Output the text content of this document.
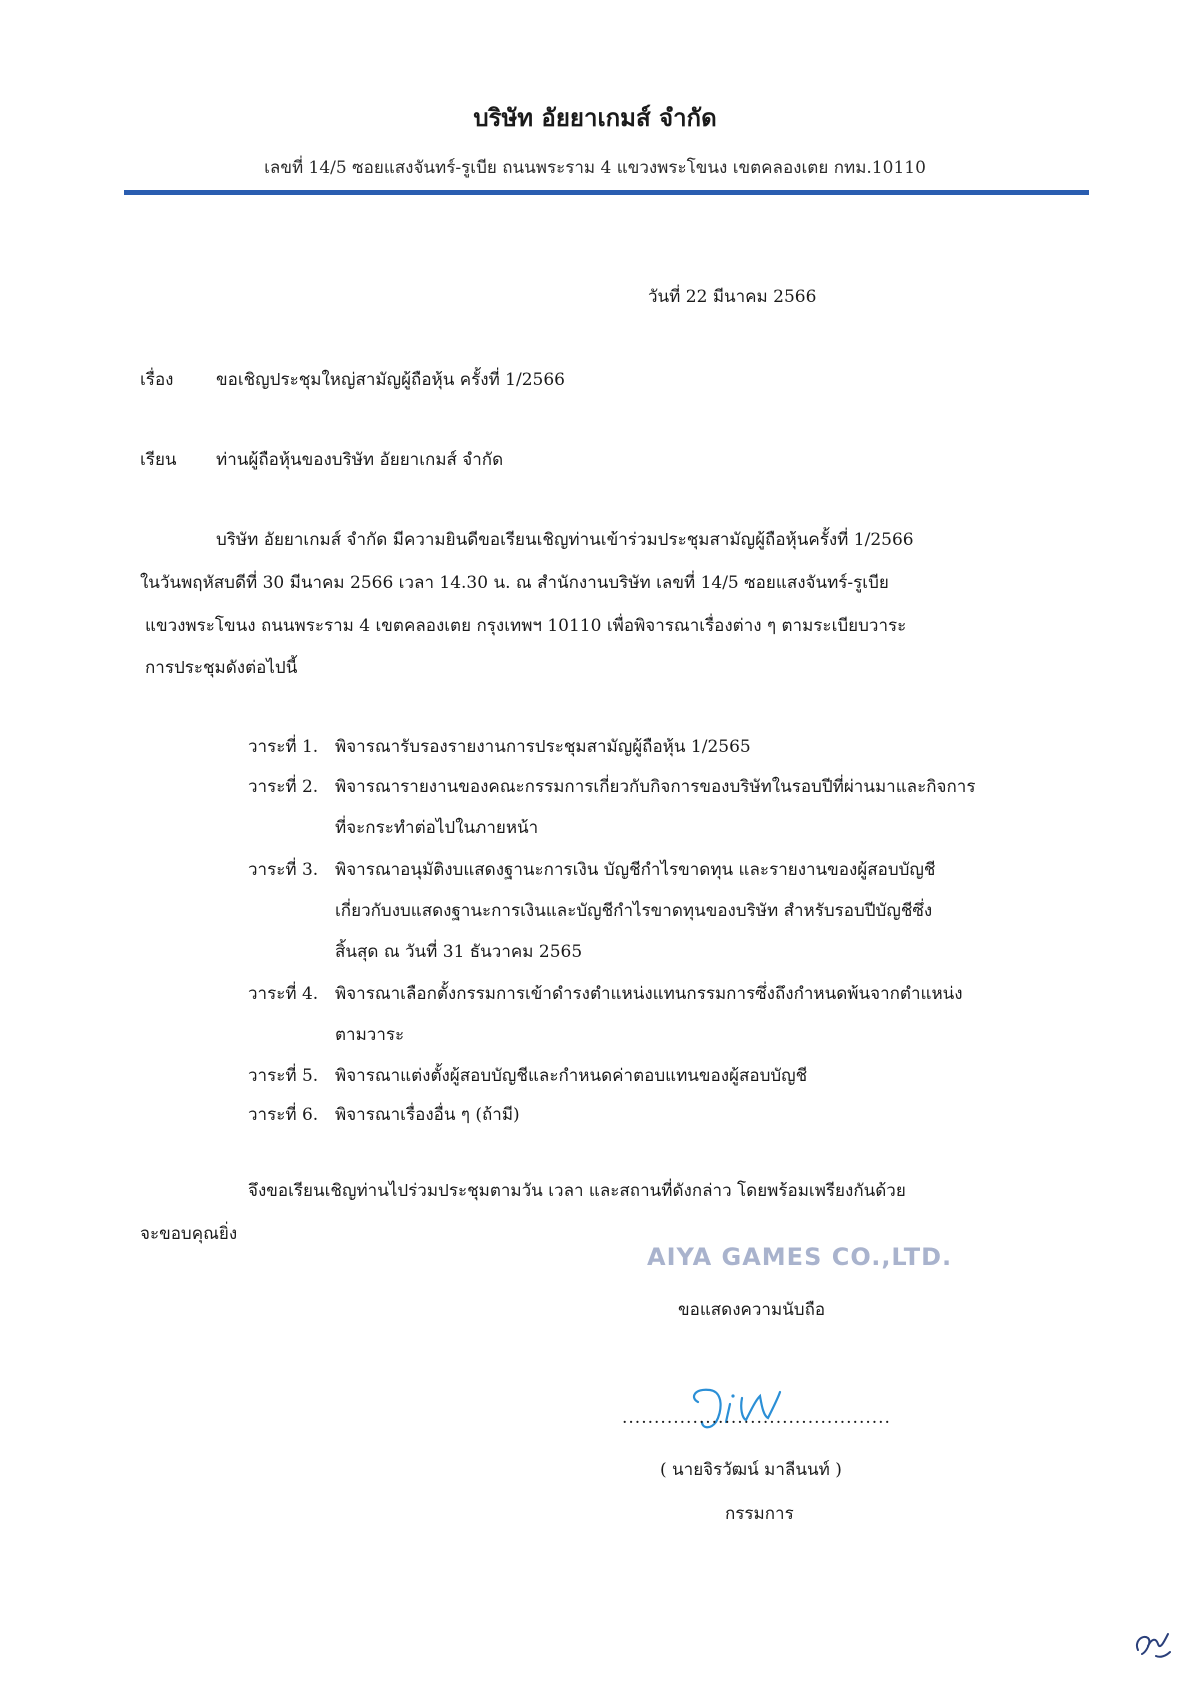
บริษัท อัยยาเกมส์ จำกัด
เลขที่ 14/5 ซอยแสงจันทร์-รูเบีย ถนนพระราม 4 แขวงพระโขนง เขตคลองเตย กทม.10110
วันที่ 22 มีนาคม 2566
เรื่อง	ขอเชิญประชุมใหญ่สามัญผู้ถือหุ้น ครั้งที่ 1/2566
เรียน ท่านผู้ถือหุ้นของบริษัท อัยยาเกมส์ จำกัด
บริษัท อัยยาเกมส์ จำกัด มีความยินดีขอเรียนเชิญท่านเข้าร่วมประชุมสามัญผู้ถือหุ้นครั้งที่ 1/2566
ในวันพฤหัสบดีที่ 30 มีนาคม 2566 เวลา 14.30 น. ณ สำนักงานบริษัท เลขที่ 14/5 ซอยแสงจันทร์-รูเบีย
แขวงพระโขนง ถนนพระราม 4 เขตคลองเตย กรุงเทพฯ 10110 เพื่อพิจารณาเรื่องต่าง ๆ ตามระเบียบวาระ
การประชุมดังต่อไปนี้
วาระที่ 1. พิจารณารับรองรายงานการประชุมสามัญผู้ถือหุ้น 1/2565
วาระที่ 2. พิจารณารายงานของคณะกรรมการเกี่ยวกับกิจการของบริษัทในรอบปีที่ผ่านมาและกิจการ
ที่จะกระทำต่อไปในภายหน้า
วาระที่ 3. พิจารณาอนุมัติงบแสดงฐานะการเงิน บัญชีกำไรขาดทุน และรายงานของผู้สอบบัญชี
เกี่ยวกับงบแสดงฐานะการเงินและบัญชีกำไรขาดทุนของบริษัท สำหรับรอบปีบัญชีซึ่ง
สิ้นสุด ณ วันที่ 31 ธันวาคม 2565
วาระที่ 4. พิจารณาเลือกตั้งกรรมการเข้าดำรงตำแหน่งแทนกรรมการซึ่งถึงกำหนดพ้นจากตำแหน่ง
ตามวาระ
วาระที่ 5. พิจารณาแต่งตั้งผู้สอบบัญชีและกำหนดค่าตอบแทนของผู้สอบบัญชี
วาระที่ 6. พิจารณาเรื่องอื่น ๆ (ถ้ามี)
จึงขอเรียนเชิญท่านไปร่วมประชุมตามวัน เวลา และสถานที่ดังกล่าว โดยพร้อมเพรียงกันด้วย
จะขอบคุณยิ่ง
AIYA GAMES CO.,LTD.
ขอแสดงความนับถือ
..........................................
( นายจิรวัฒน์ มาลีนนท์ )
กรรมการ
